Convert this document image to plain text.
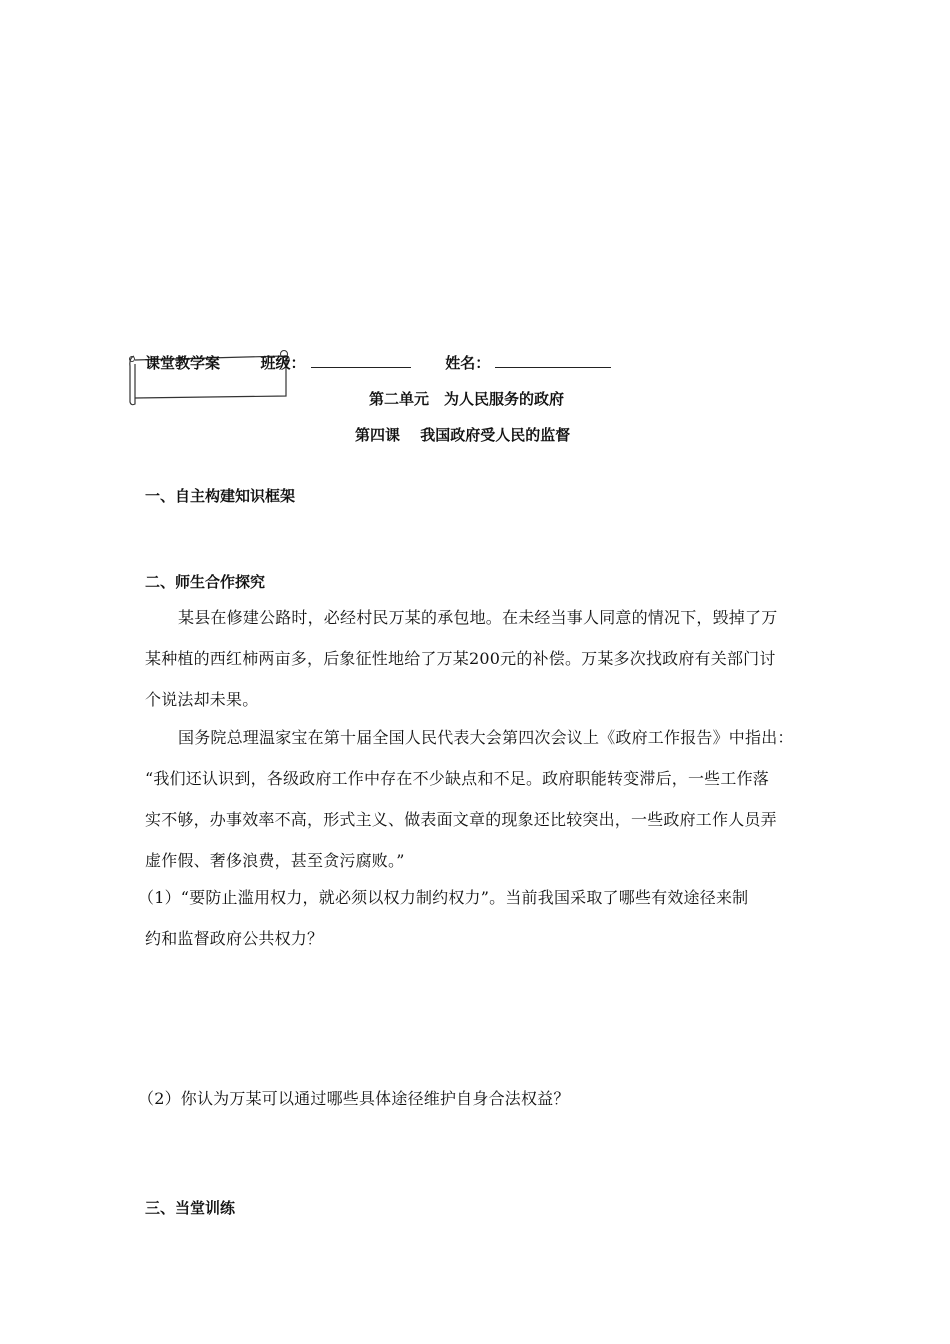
课堂教学案	班级：	姓名：
第二单元　为人民服务的政府
第四课　 我国政府受人民的监督
一、自主构建知识框架
二、师生合作探究
某县在修建公路时，必经村民万某的承包地。在未经当事人同意的情况下，毁掉了万
某种植的西红柿两亩多，后象征性地给了万某200元的补偿。万某多次找政府有关部门讨
个说法却未果。
国务院总理温家宝在第十届全国人民代表大会第四次会议上《政府工作报告》中指出：
“我们还认识到，各级政府工作中存在不少缺点和不足。政府职能转变滞后，一些工作落
实不够，办事效率不高，形式主义、做表面文章的现象还比较突出，一些政府工作人员弄
虚作假、奢侈浪费，甚至贪污腐败。”
（1）“要防止滥用权力，就必须以权力制约权力”。当前我国采取了哪些有效途径来制
约和监督政府公共权力？
（2）你认为万某可以通过哪些具体途径维护自身合法权益？
三、当堂训练
